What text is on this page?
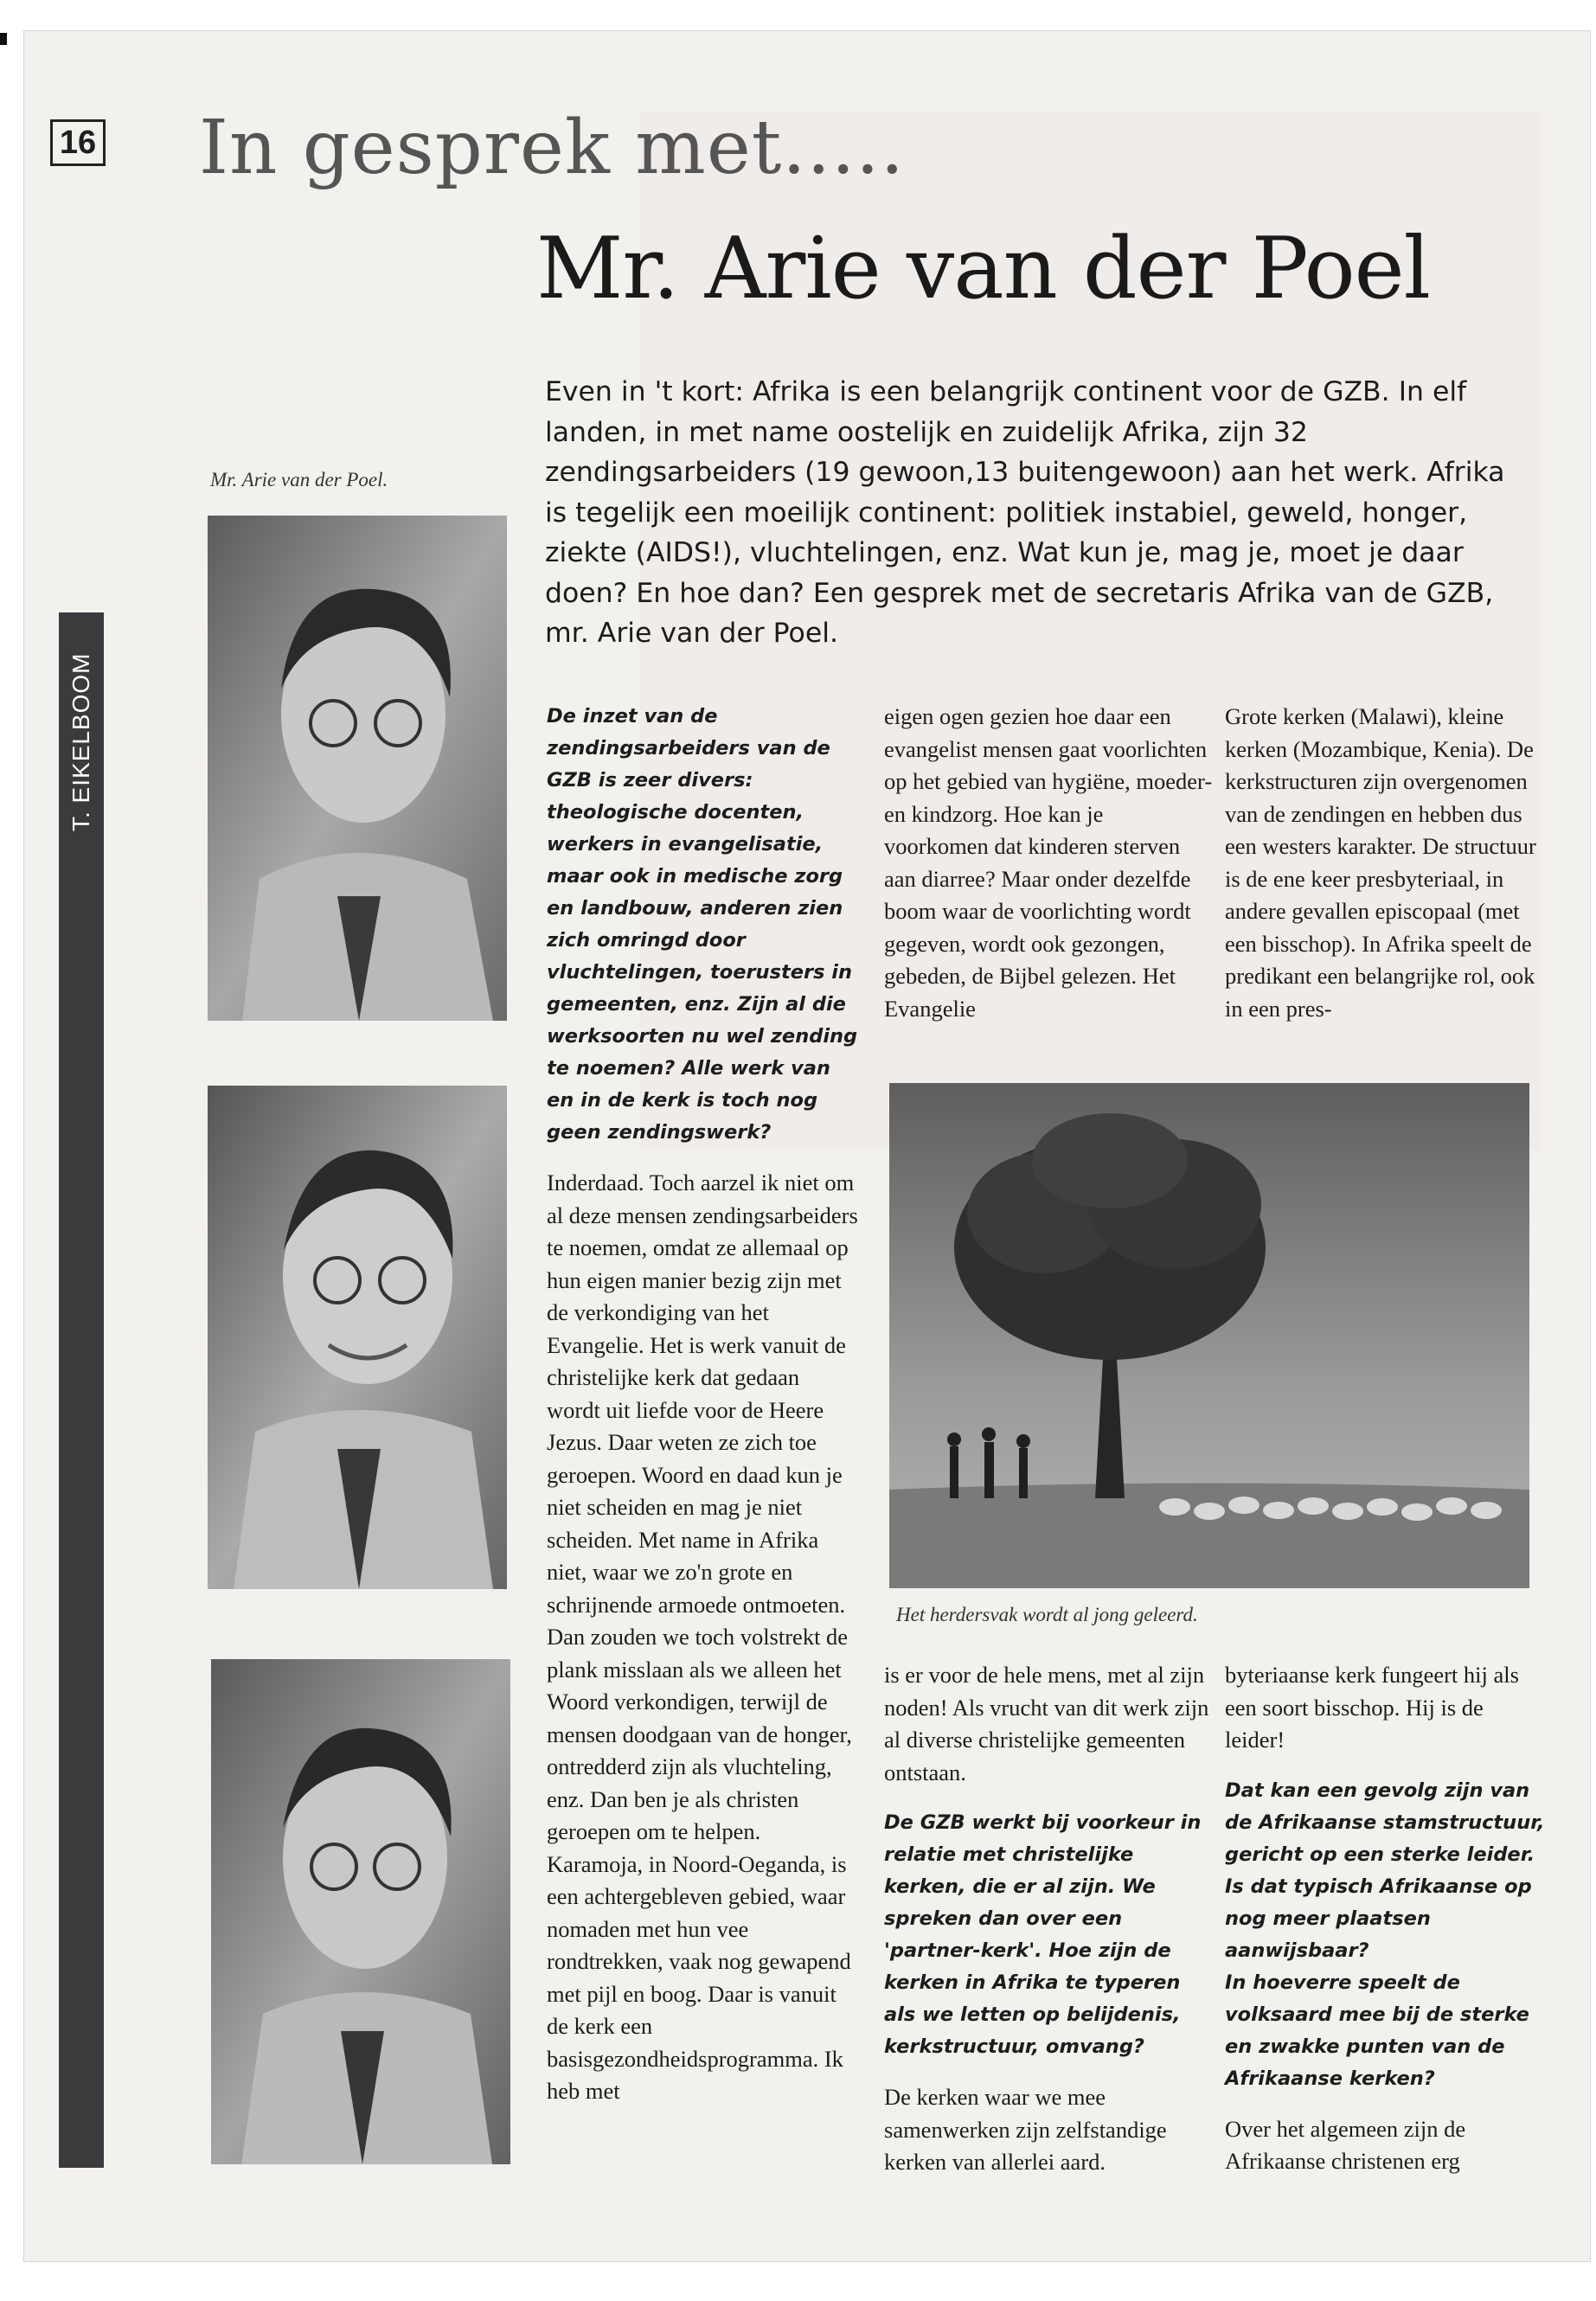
16
T. EIKELBOOM
In gesprek met.....
Mr. Arie van der Poel

Even in 't kort: Afrika is een belangrijk continent voor de GZB. In elf landen, in met name oostelijk en zuidelijk Afrika, zijn 32 zendingsarbeiders (19 gewoon,13 buitengewoon) aan het werk. Afrika is tegelijk een moeilijk continent: politiek instabiel, geweld, honger, ziekte (AIDS!), vluchtelingen, enz. Wat kun je, mag je, moet je daar doen? En hoe dan? Een gesprek met de secretaris Afrika van de GZB, mr. Arie van der Poel.

Mr. Arie van der Poel.
Het herdersvak wordt al jong geleerd.

De inzet van de zendingsarbeiders van de GZB is zeer divers: theologische docenten, werkers in evangelisatie, maar ook in medische zorg en landbouw, anderen zien zich omringd door vluchtelingen, toerusters in gemeenten, enz. Zijn al die werksoorten nu wel zending te noemen? Alle werk van en in de kerk is toch nog geen zendingswerk?

Inderdaad. Toch aarzel ik niet om al deze mensen zendingsarbeiders te noemen, omdat ze allemaal op hun eigen manier bezig zijn met de verkondiging van het Evangelie. Het is werk vanuit de christelijke kerk dat gedaan wordt uit liefde voor de Heere Jezus. Daar weten ze zich toe geroepen. Woord en daad kun je niet scheiden en mag je niet scheiden. Met name in Afrika niet, waar we zo'n grote en schrijnende armoede ontmoeten. Dan zouden we toch volstrekt de plank misslaan als we alleen het Woord verkondigen, terwijl de mensen doodgaan van de honger, ontredderd zijn als vluchteling, enz. Dan ben je als christen geroepen om te helpen. Karamoja, in Noord-Oeganda, is een achtergebleven gebied, waar nomaden met hun vee rondtrekken, vaak nog gewapend met pijl en boog. Daar is vanuit de kerk een basisgezondheidsprogramma. Ik heb met

eigen ogen gezien hoe daar een evangelist mensen gaat voorlichten op het gebied van hygiëne, moeder- en kindzorg. Hoe kan je voorkomen dat kinderen sterven aan diarree? Maar onder dezelfde boom waar de voorlichting wordt gegeven, wordt ook gezongen, gebeden, de Bijbel gelezen. Het Evangelie

Grote kerken (Malawi), kleine kerken (Mozambique, Kenia). De kerkstructuren zijn overgenomen van de zendingen en hebben dus een westers karakter. De structuur is de ene keer presbyteriaal, in andere gevallen episcopaal (met een bisschop). In Afrika speelt de predikant een belangrijke rol, ook in een pres-

is er voor de hele mens, met al zijn noden! Als vrucht van dit werk zijn al diverse christelijke gemeenten ontstaan.

De GZB werkt bij voorkeur in relatie met christelijke kerken, die er al zijn. We spreken dan over een 'partner-kerk'. Hoe zijn de kerken in Afrika te typeren als we letten op belijdenis, kerkstructuur, omvang?

De kerken waar we mee samenwerken zijn zelfstandige kerken van allerlei aard.

byteriaanse kerk fungeert hij als een soort bisschop. Hij is de leider!

Dat kan een gevolg zijn van de Afrikaanse stamstructuur, gericht op een sterke leider. Is dat typisch Afrikaanse op nog meer plaatsen aanwijsbaar?

In hoeverre speelt de volksaard mee bij de sterke en zwakke punten van de Afrikaanse kerken?

Over het algemeen zijn de Afrikaanse christenen erg
